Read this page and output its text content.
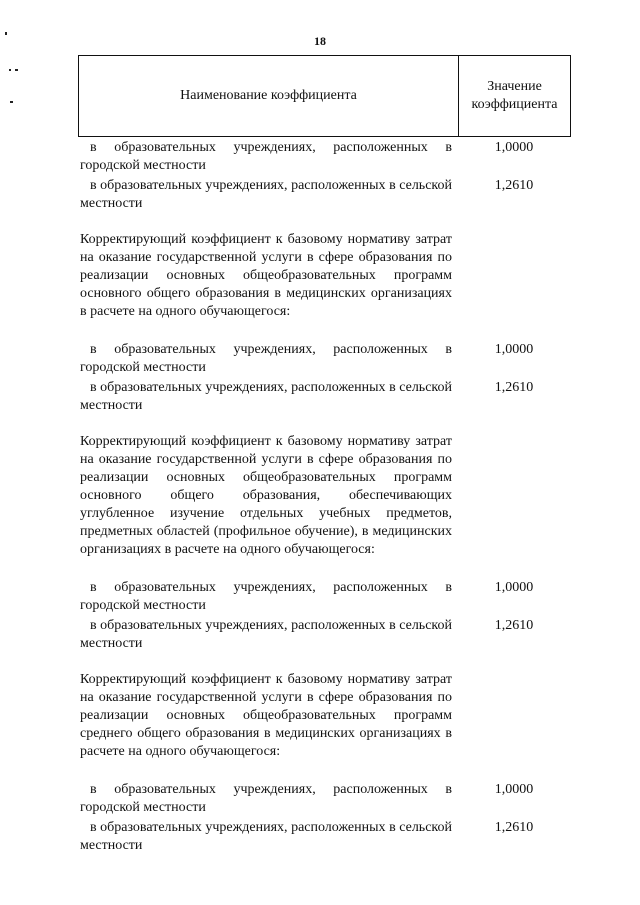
18
Наименование коэффициента
Значение коэффициента
в образовательных учреждениях, расположенных в городской местности
1,0000
в образовательных учреждениях, расположенных в сельской местности
1,2610
Корректирующий коэффициент к базовому нормативу затрат на оказание государственной услуги в сфере образования по реализации основных общеобразовательных программ основного общего образования в медицинских организациях в расчете на одного обучающегося:
в образовательных учреждениях, расположенных в городской местности
1,0000
в образовательных учреждениях, расположенных в сельской местности
1,2610
Корректирующий коэффициент к базовому нормативу затрат на оказание государственной услуги в сфере образования по реализации основных общеобразовательных программ основного общего образования, обеспечивающих углубленное изучение отдельных учебных предметов, предметных областей (профильное обучение), в медицинских организациях в расчете на одного обучающегося:
в образовательных учреждениях, расположенных в городской местности
1,0000
в образовательных учреждениях, расположенных в сельской местности
1,2610
Корректирующий коэффициент к базовому нормативу затрат на оказание государственной услуги в сфере образования по реализации основных общеобразовательных программ среднего общего образования в медицинских организациях в расчете на одного обучающегося:
в образовательных учреждениях, расположенных в городской местности
1,0000
в образовательных учреждениях, расположенных в сельской местности
1,2610
